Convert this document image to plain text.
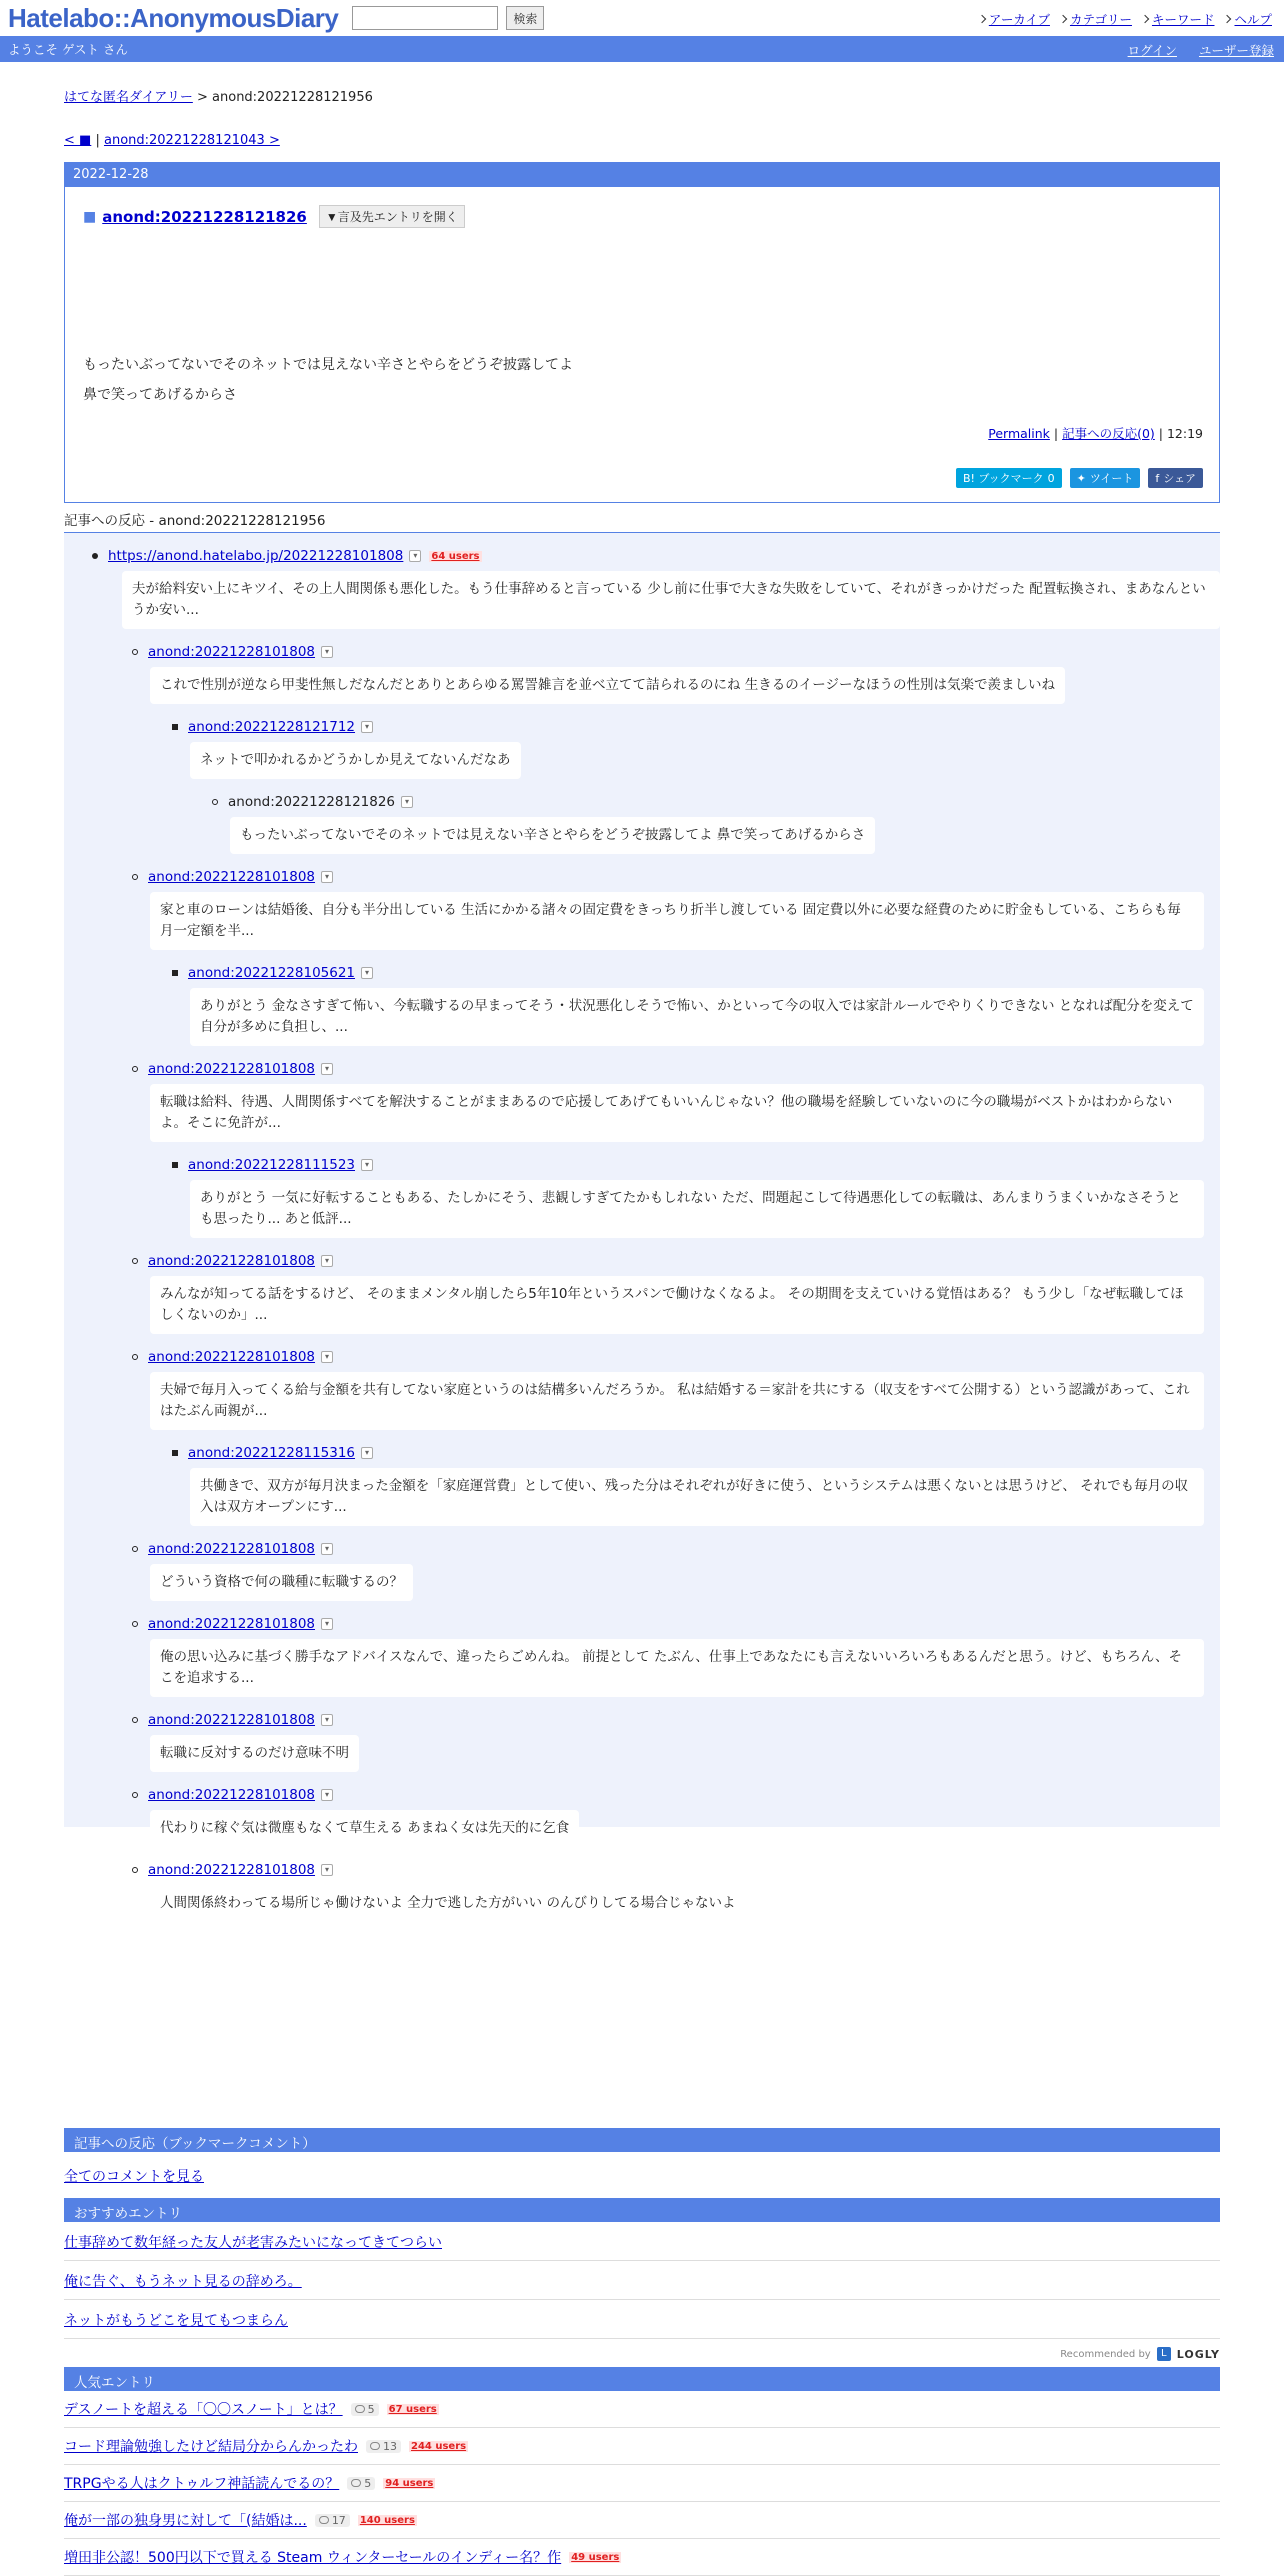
Hatelabo::AnonymousDiary	検索	アーカイブ	カテゴリー	キーワード	ヘルプ
ようこそ ゲスト さん	ログイン ユーザー登録
はてな匿名ダイアリー > anond:20221228121956
< ■ | anond:20221228121043 >
2022-12-28
■ anond:20221228121826	▼言及先エントリを開く
もったいぶってないでそのネットでは見えない辛さとやらをどうぞ披露してよ
鼻で笑ってあげるからさ
Permalink | 記事への反応(0) | 12:19
B! ブックマーク 0 ✦ ツイート f シェア
記事への反応 - anond:20221228121956
https://anond.hatelabo.jp/20221228101808	▾	64 users
夫が給料安い上にキツイ、その上人間関係も悪化した。もう仕事辞めると言っている 少し前に仕事で大きな失敗をしていて、それがきっかけだった 配置転換され、まあなんというか安い...
anond:20221228101808	▾
これで性別が逆なら甲斐性無しだなんだとありとあらゆる罵詈雑言を並べ立てて詰られるのにね 生きるのイージーなほうの性別は気楽で羨ましいね
anond:20221228121712	▾
ネットで叩かれるかどうかしか見えてないんだなあ
anond:20221228121826	▾
もったいぶってないでそのネットでは見えない辛さとやらをどうぞ披露してよ 鼻で笑ってあげるからさ
anond:20221228101808	▾
家と車のローンは結婚後、自分も半分出している 生活にかかる諸々の固定費をきっちり折半し渡している 固定費以外に必要な経費のために貯金もしている、こちらも毎月一定額を半...
anond:20221228105621	▾
ありがとう 金なさすぎて怖い、今転職するの早まってそう・状況悪化しそうで怖い、かといって今の収入では家計ルールでやりくりできない となれば配分を変えて自分が多めに負担し、...
anond:20221228101808	▾
転職は給料、待遇、人間関係すべてを解決することがままあるので応援してあげてもいいんじゃない？他の職場を経験していないのに今の職場がベストかはわからないよ。そこに免許が...
anond:20221228111523	▾
ありがとう 一気に好転することもある、たしかにそう、悲観しすぎてたかもしれない ただ、問題起こして待遇悪化しての転職は、あんまりうまくいかなさそうとも思ったり... あと低評...
anond:20221228101808	▾
みんなが知ってる話をするけど、 そのままメンタル崩したら5年10年というスパンで働けなくなるよ。 その期間を支えていける覚悟はある？ もう少し「なぜ転職してほしくないのか」...
anond:20221228101808	▾
夫婦で毎月入ってくる給与金額を共有してない家庭というのは結構多いんだろうか。 私は結婚する＝家計を共にする（収支をすべて公開する）という認識があって、これはたぶん両親が...
anond:20221228115316	▾
共働きで、双方が毎月決まった金額を「家庭運営費」として使い、残った分はそれぞれが好きに使う、というシステムは悪くないとは思うけど、 それでも毎月の収入は双方オープンにす...
anond:20221228101808	▾
どういう資格で何の職種に転職するの？
anond:20221228101808	▾
俺の思い込みに基づく勝手なアドバイスなんで、違ったらごめんね。 前提として たぶん、仕事上であなたにも言えないいろいろもあるんだと思う。けど、もちろん、そこを追求する...
anond:20221228101808	▾
転職に反対するのだけ意味不明
anond:20221228101808	▾
代わりに稼ぐ気は微塵もなくて草生える あまねく女は先天的に乞食
anond:20221228101808	▾
人間関係終わってる場所じゃ働けないよ 全力で逃した方がいい のんびりしてる場合じゃないよ
記事への反応（ブックマークコメント）
全てのコメントを見る
おすすめエントリ
仕事辞めて数年経った友人が老害みたいになってきてつらい
俺に告ぐ、もうネット見るの辞めろ。
ネットがもうどこを見てもつまらん
Recommended by	L LOGLY
人気エントリ
デスノートを超える「〇〇スノート」とは？ 5 67 users
コード理論勉強したけど結局分からんかったわ 13 244 users
TRPGやる人はクトゥルフ神話読んでるの？ 5 94 users
俺が一部の独身男に対して「(結婚は... 17 140 users
増田非公認！500円以下で買える Steam ウィンターセールのインディー名？作 49 users
